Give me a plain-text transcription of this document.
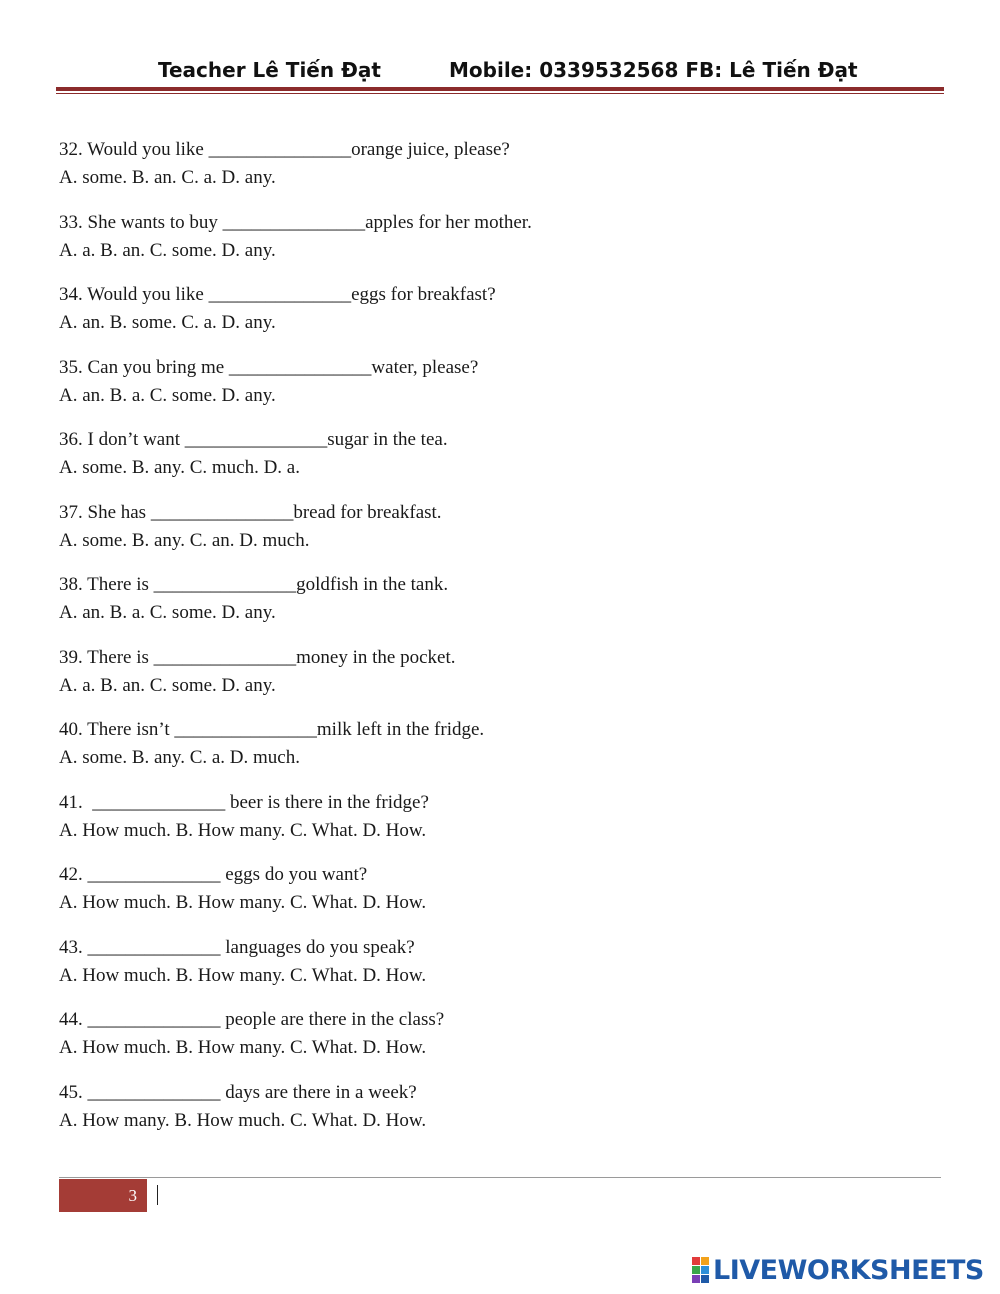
Teacher Lê Tiến Đạt	Mobile: 0339532568 FB: Lê Tiến Đạt
32. Would you like _______________orange juice, please?
A. some. B. an. C. a. D. any.
33. She wants to buy _______________apples for her mother.
A. a. B. an. C. some. D. any.
34. Would you like _______________eggs for breakfast?
A. an. B. some. C. a. D. any.
35. Can you bring me _______________water, please?
A. an. B. a. C. some. D. any.
36. I don’t want _______________sugar in the tea.
A. some. B. any. C. much. D. a.
37. She has _______________bread for breakfast.
A. some. B. any. C. an. D. much.
38. There is _______________goldfish in the tank.
A. an. B. a. C. some. D. any.
39. There is _______________money in the pocket.
A. a. B. an. C. some. D. any.
40. There isn’t _______________milk left in the fridge.
A. some. B. any. C. a. D. much.
41.  ______________ beer is there in the fridge?
A. How much. B. How many. C. What. D. How.
42. ______________ eggs do you want?
A. How much. B. How many. C. What. D. How.
43. ______________ languages do you speak?
A. How much. B. How many. C. What. D. How.
44. ______________ people are there in the class?
A. How much. B. How many. C. What. D. How.
45. ______________ days are there in a week?
A. How many. B. How much. C. What. D. How.
3
LIVEWORKSHEETS
